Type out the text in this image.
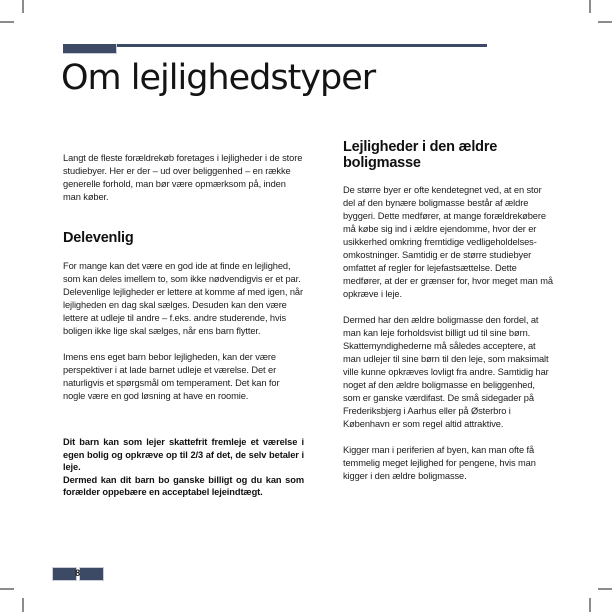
Om lejlighedstyper

Langt de fleste forældrekøb foretages i lejligheder i de store studiebyer. Her er der – ud over beliggenhed – en række generelle forhold, man bør være opmærksom på, inden man køber.

Delevenlig

For mange kan det være en god ide at finde en lejlighed, som kan deles imellem to, som ikke nødvendigvis er et par. Delevenlige lejligheder er lettere at komme af med igen, når lejligheden en dag skal sælges. Desuden kan den være lettere at udleje til andre – f.eks. andre studerende, hvis boligen ikke lige skal sælges, når ens barn flytter.

Imens ens eget barn bebor lejligheden, kan der være perspektiver i at lade barnet udleje et værelse. Det er naturligvis et spørgsmål om temperament. Det kan for nogle være en god løsning at have en roomie.

Dit barn kan som lejer skattefrit fremleje et værelse i egen bolig og opkræve op til 2/3 af det, de selv betaler i leje.

Dermed kan dit barn bo ganske billigt og du kan som forælder oppebære en acceptabel lejeindtægt.

Lejligheder i den ældre boligmasse

De større byer er ofte kendetegnet ved, at en stor del af den bynære boligmasse består af ældre byggeri. Dette medfører, at mange forældrekøbere må købe sig ind i ældre ejendomme, hvor der er usikkerhed omkring fremtidige vedligeholdelses-omkostninger. Samtidig er de større studiebyer omfattet af regler for lejefastsættelse. Dette medfører, at der er grænser for, hvor meget man må opkræve i leje.

Dermed har den ældre boligmasse den fordel, at man kan leje forholdsvist billigt ud til sine børn. Skattemyndighederne må således acceptere, at man udlejer til sine børn til den leje, som maksimalt ville kunne opkræves lovligt fra andre. Samtidig har noget af den ældre boligmasse en beliggenhed, som er ganske værdifast. De små sidegader på Frederiksbjerg i Aarhus eller på Østerbro i København er som regel altid attraktive.

Kigger man i periferien af byen, kan man ofte få temmelig meget lejlighed for pengene, hvis man kigger i den ældre boligmasse.

8
